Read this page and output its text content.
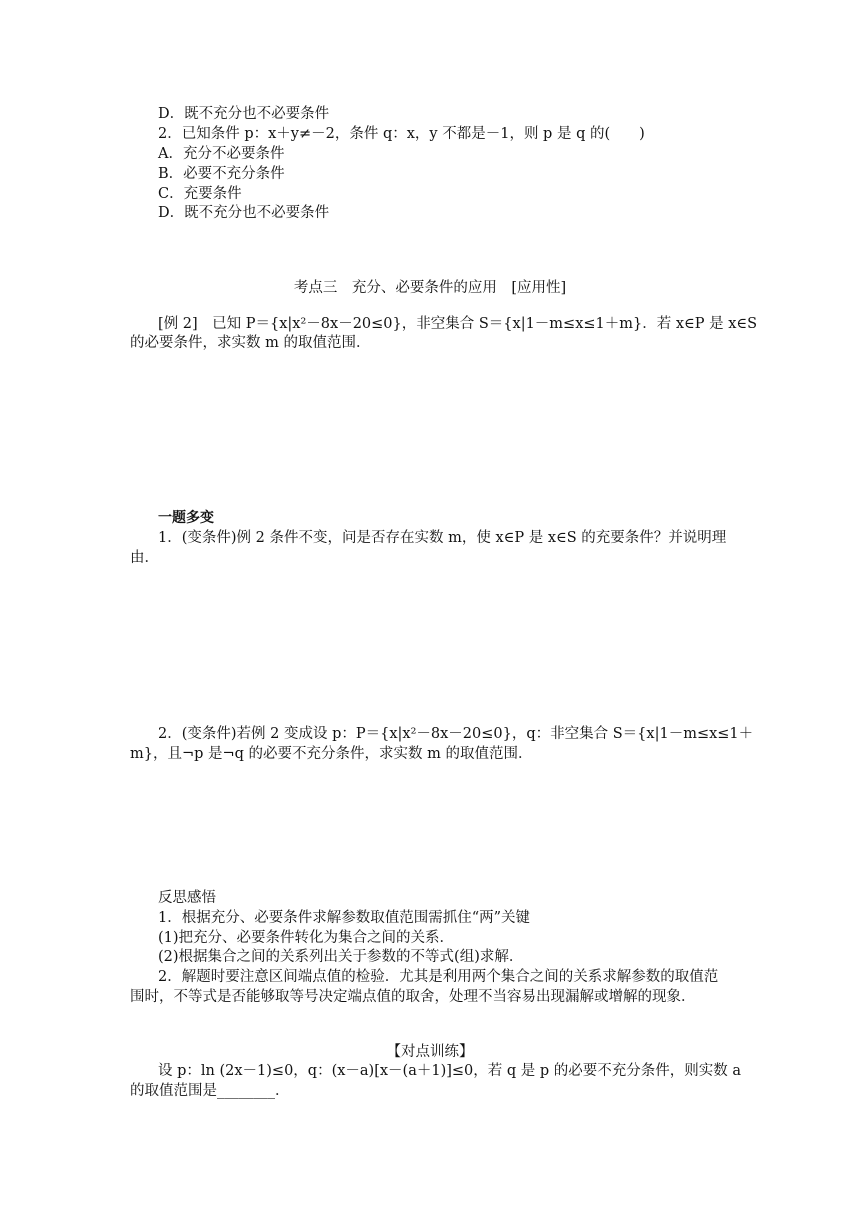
D．既不充分也不必要条件
2．已知条件 p：x＋y≠－2，条件 q：x，y 不都是－1，则 p 是 q 的(　　)
A．充分不必要条件
B．必要不充分条件
C．充要条件
D．既不充分也不必要条件
考点三　充分、必要条件的应用　[应用性]
[例 2]　已知 P＝{x|x²－8x－20≤0}，非空集合 S＝{x|1－m≤x≤1＋m}．若 x∈P 是 x∈S
的必要条件，求实数 m 的取值范围．
一题多变
1．(变条件)例 2 条件不变，问是否存在实数 m，使 x∈P 是 x∈S 的充要条件？并说明理
由．
2．(变条件)若例 2 变成设 p：P＝{x|x²－8x－20≤0}，q：非空集合 S＝{x|1－m≤x≤1＋
m}，且¬p 是¬q 的必要不充分条件，求实数 m 的取值范围．
反思感悟
1．根据充分、必要条件求解参数取值范围需抓住“两”关键
(1)把充分、必要条件转化为集合之间的关系．
(2)根据集合之间的关系列出关于参数的不等式(组)求解．
2．解题时要注意区间端点值的检验．尤其是利用两个集合之间的关系求解参数的取值范
围时，不等式是否能够取等号决定端点值的取舍，处理不当容易出现漏解或增解的现象．
【对点训练】
设 p：ln (2x－1)≤0，q：(x－a)[x－(a＋1)]≤0，若 q 是 p 的必要不充分条件，则实数 a
的取值范围是________．
